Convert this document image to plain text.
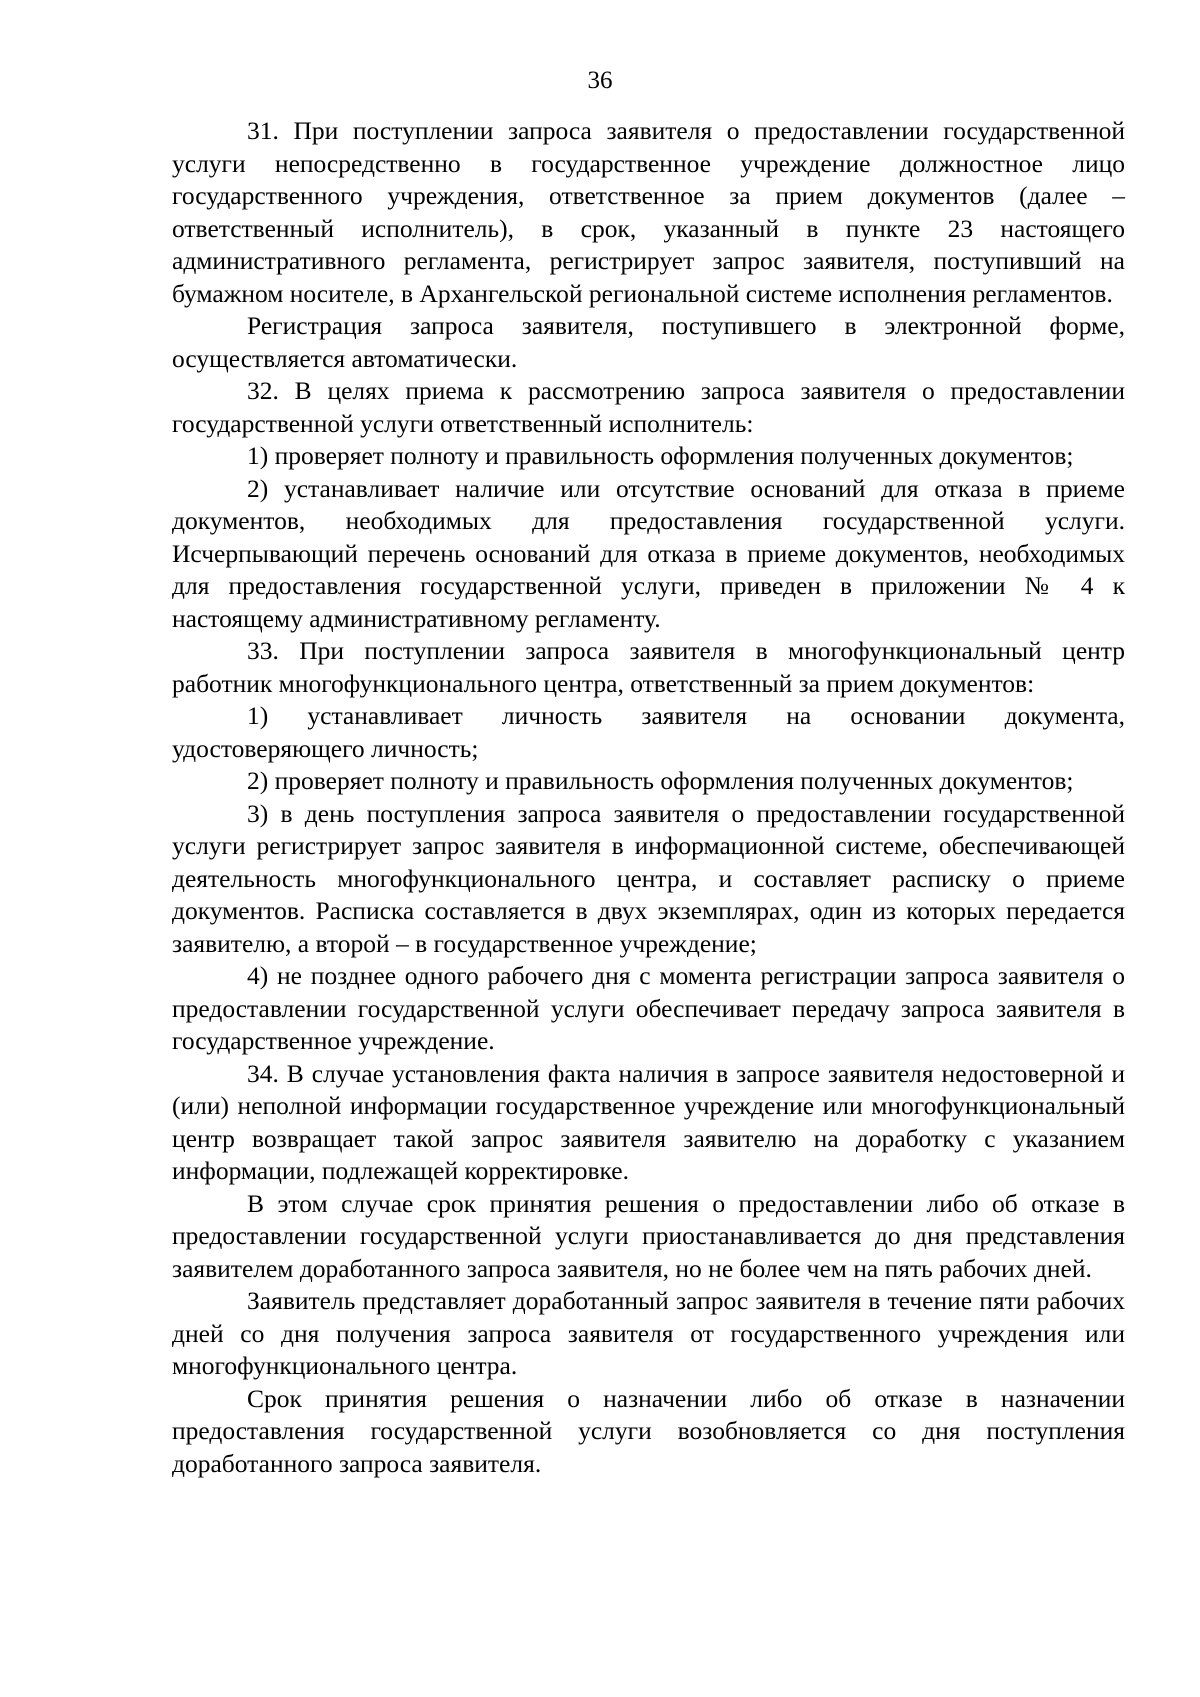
36

31. При поступлении запроса заявителя о предоставлении государственной услуги непосредственно в государственное учреждение должностное лицо государственного учреждения, ответственное за прием документов (далее – ответственный исполнитель), в срок, указанный в пункте 23 настоящего административного регламента, регистрирует запрос заявителя, поступивший на бумажном носителе, в Архангельской региональной системе исполнения регламентов.

Регистрация запроса заявителя, поступившего в электронной форме, осуществляется автоматически.

32. В целях приема к рассмотрению запроса заявителя о предоставлении государственной услуги ответственный исполнитель:

1) проверяет полноту и правильность оформления полученных документов;

2) устанавливает наличие или отсутствие оснований для отказа в приеме документов, необходимых для предоставления государственной услуги. Исчерпывающий перечень оснований для отказа в приеме документов, необходимых для предоставления государственной услуги, приведен в приложении № 4 к настоящему административному регламенту.

33. При поступлении запроса заявителя в многофункциональный центр работник многофункционального центра, ответственный за прием документов:

1) устанавливает личность заявителя на основании документа, удостоверяющего личность;

2) проверяет полноту и правильность оформления полученных документов;

3) в день поступления запроса заявителя о предоставлении государственной услуги регистрирует запрос заявителя в информационной системе, обеспечивающей деятельность многофункционального центра, и составляет расписку о приеме документов. Расписка составляется в двух экземплярах, один из которых передается заявителю, а второй – в государственное учреждение;

4) не позднее одного рабочего дня с момента регистрации запроса заявителя о предоставлении государственной услуги обеспечивает передачу запроса заявителя в государственное учреждение.

34. В случае установления факта наличия в запросе заявителя недостоверной и (или) неполной информации государственное учреждение или многофункциональный центр возвращает такой запрос заявителя заявителю на доработку с указанием информации, подлежащей корректировке.

В этом случае срок принятия решения о предоставлении либо об отказе в предоставлении государственной услуги приостанавливается до дня представления заявителем доработанного запроса заявителя, но не более чем на пять рабочих дней.

Заявитель представляет доработанный запрос заявителя в течение пяти рабочих дней со дня получения запроса заявителя от государственного учреждения или многофункционального центра.

Срок принятия решения о назначении либо об отказе в назначении предоставления государственной услуги возобновляется со дня поступления доработанного запроса заявителя.
